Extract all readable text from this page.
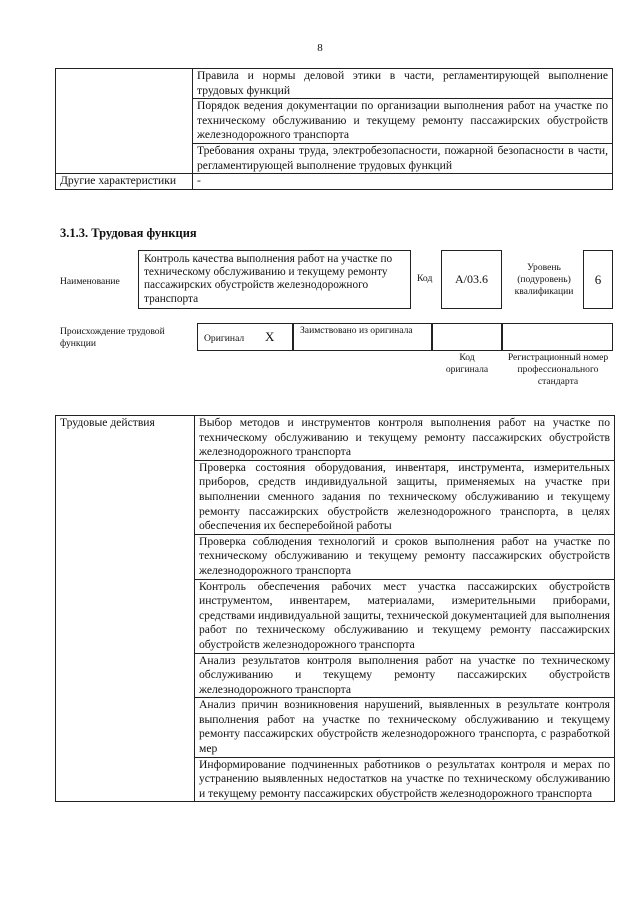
8
	Правила и нормы деловой этики в части, регламентирующей выполнение трудовых функций
	Порядок ведения документации по организации выполнения работ на участке по техническому обслуживанию и текущему ремонту пассажирских обустройств железнодорожного транспорта
	Требования охраны труда, электробезопасности, пожарной безопасности в части, регламентирующей выполнение трудовых функций
Другие характеристики	-
3.1.3. Трудовая функция
Наименование
Контроль качества выполнения работ на участке по техническому обслуживанию и текущему ремонту пассажирских обустройств железнодорожного транспорта
Код	A/03.6
Уровень (подуровень) квалификации
6
Происхождение трудовой функции	Оригинал X	Заимствовано из оригинала
Код оригинала
Регистрационный номер профессионального стандарта
Трудовые действия	Выбор методов и инструментов контроля выполнения работ на участке по техническому обслуживанию и текущему ремонту пассажирских обустройств железнодорожного транспорта
Проверка состояния оборудования, инвентаря, инструмента, измерительных приборов, средств индивидуальной защиты, применяемых на участке при выполнении сменного задания по техническому обслуживанию и текущему ремонту пассажирских обустройств железнодорожного транспорта, в целях обеспечения их бесперебойной работы
Проверка соблюдения технологий и сроков выполнения работ на участке по техническому обслуживанию и текущему ремонту пассажирских обустройств железнодорожного транспорта
Контроль обеспечения рабочих мест участка пассажирских обустройств инструментом, инвентарем, материалами, измерительными приборами, средствами индивидуальной защиты, технической документацией для выполнения работ по техническому обслуживанию и текущему ремонту пассажирских обустройств железнодорожного транспорта
Анализ результатов контроля выполнения работ на участке по техническому обслуживанию и текущему ремонту пассажирских обустройств железнодорожного транспорта
Анализ причин возникновения нарушений, выявленных в результате контроля выполнения работ на участке по техническому обслуживанию и текущему ремонту пассажирских обустройств железнодорожного транспорта, с разработкой мер
Информирование подчиненных работников о результатах контроля и мерах по устранению выявленных недостатков на участке по техническому обслуживанию и текущему ремонту пассажирских обустройств железнодорожного транспорта
